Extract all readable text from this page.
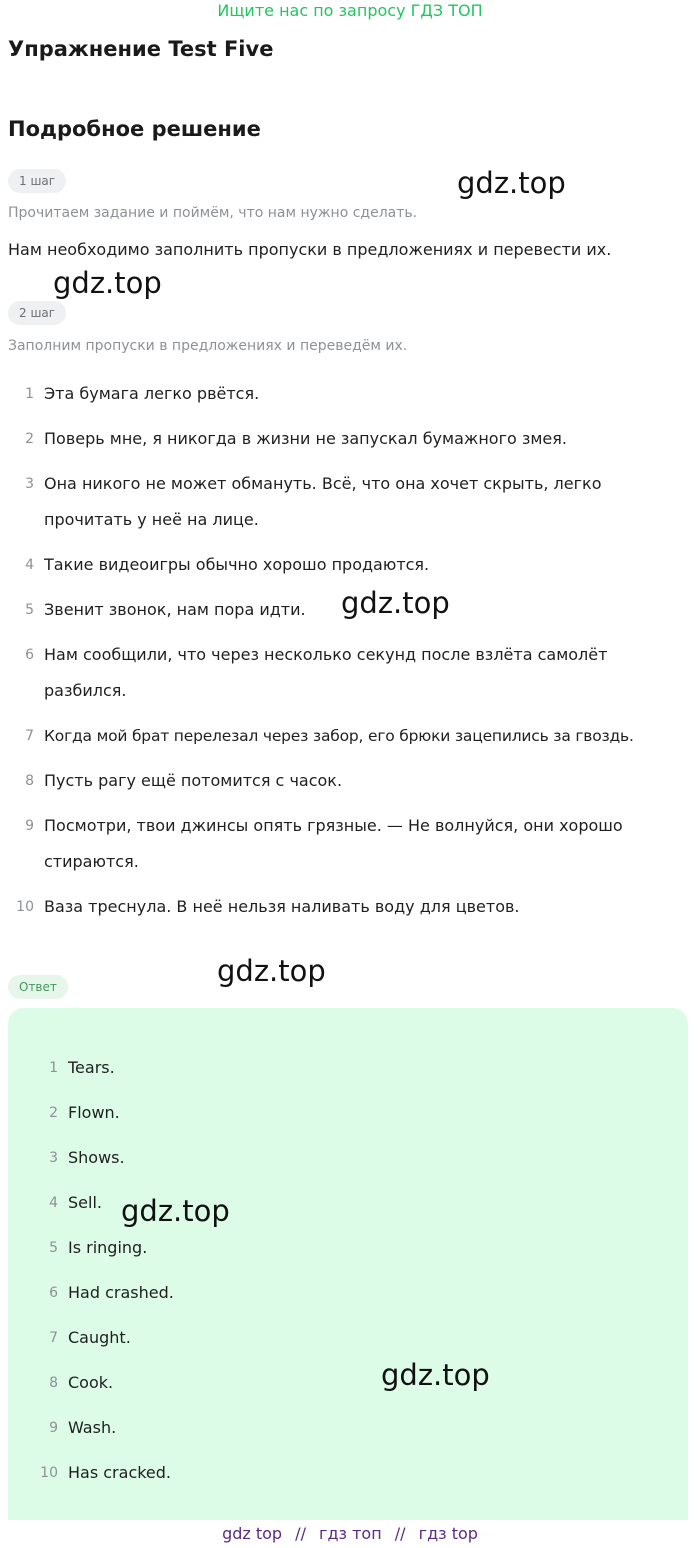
Ищите нас по запросу ГДЗ ТОП
Упражнение Test Five
Подробное решение
1 шаг
Прочитаем задание и поймём, что нам нужно сделать.
Нам необходимо заполнить пропуски в предложениях и перевести их.
2 шаг
Заполним пропуски в предложениях и переведём их.
1 Эта бумага легко рвётся.
2 Поверь мне, я никогда в жизни не запускал бумажного змея.
3 Она никого не может обмануть. Всё, что она хочет скрыть, легко прочитать у неё на лице.
4 Такие видеоигры обычно хорошо продаются.
5 Звенит звонок, нам пора идти.
6 Нам сообщили, что через несколько секунд после взлёта самолёт разбился.
7 Когда мой брат перелезал через забор, его брюки зацепились за гвоздь.
8 Пусть рагу ещё потомится с часок.
9 Посмотри, твои джинсы опять грязные. — Не волнуйся, они хорошо стираются.
10 Ваза треснула. В неё нельзя наливать воду для цветов.
Ответ
1 Tears.
2 Flown.
3 Shows.
4 Sell.
5 Is ringing.
6 Had crashed.
7 Caught.
8 Cook.
9 Wash.
10 Has cracked.
gdz.top
gdz.top
gdz.top
gdz.top
gdz.top
gdz.top
gdz top // гдз топ // гдз top
